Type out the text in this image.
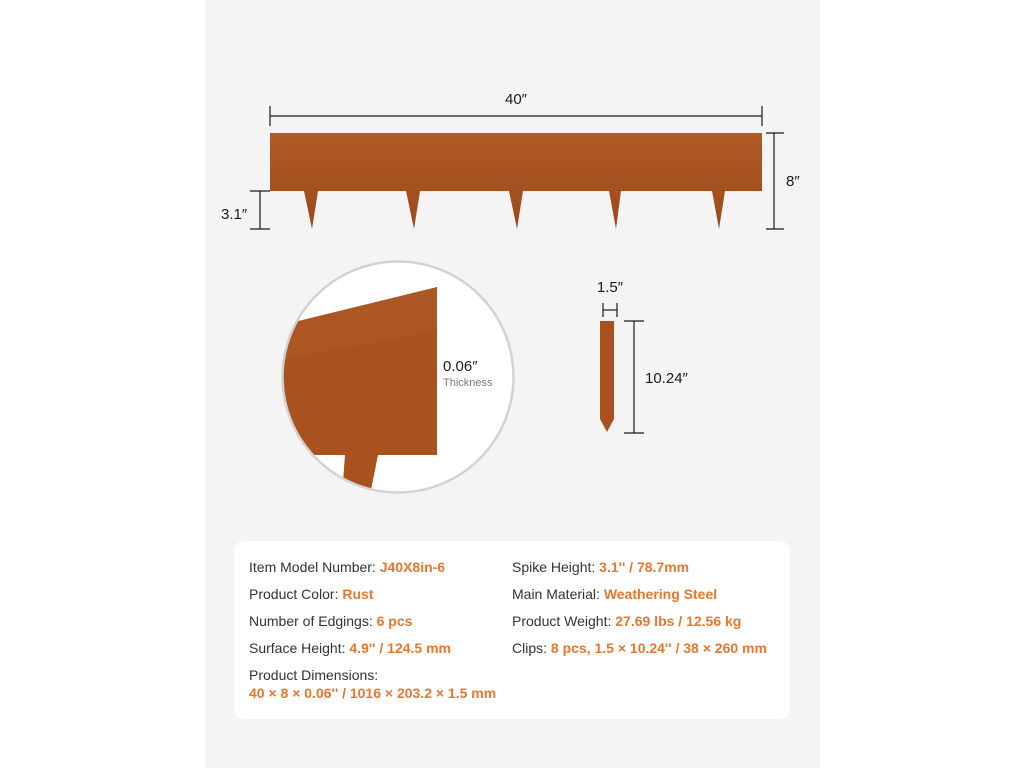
40″
8″
3.1″
0.06″
Thickness
1.5″
10.24″
Item Model Number: J40X8in-6	Spike Height: 3.1'' / 78.7mm
Product Color: Rust	Main Material: Weathering Steel
Number of Edgings: 6 pcs	Product Weight: 27.69 lbs / 12.56 kg
Surface Height: 4.9'' / 124.5 mm	Clips: 8 pcs, 1.5 × 10.24'' / 38 × 260 mm
Product Dimensions:
40 × 8 × 0.06'' / 1016 × 203.2 × 1.5 mm
